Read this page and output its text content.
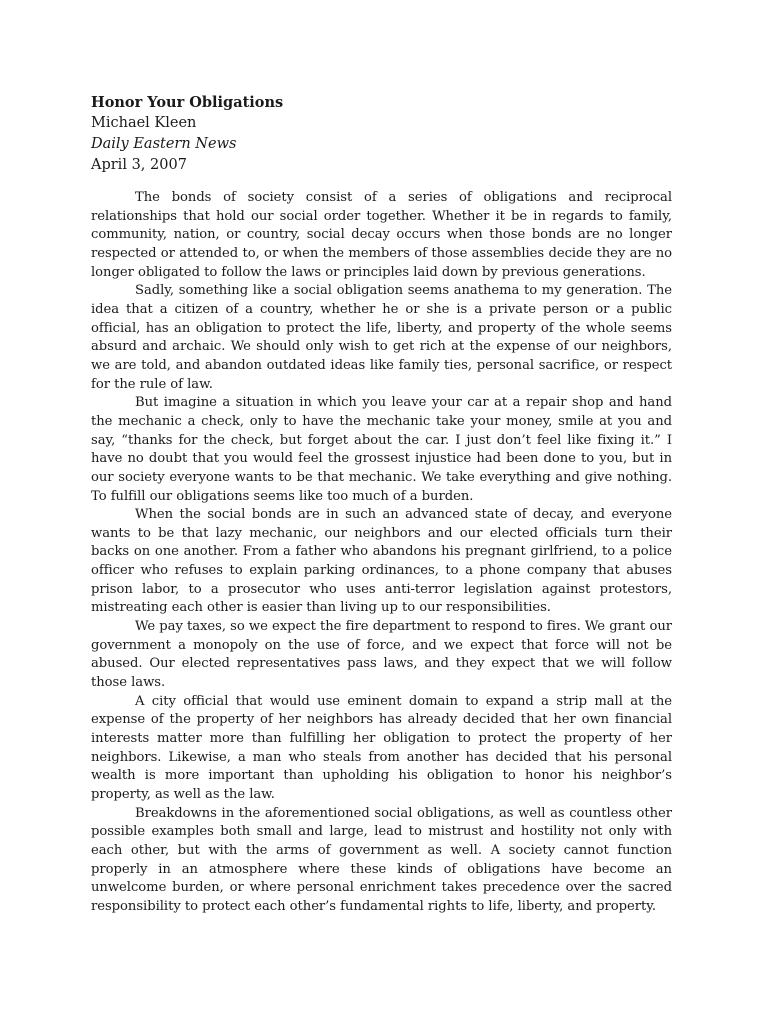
Honor Your Obligations
Michael Kleen
Daily Eastern News
April 3, 2007

The bonds of society consist of a series of obligations and reciprocal relationships that hold our social order together. Whether it be in regards to family, community, nation, or country, social decay occurs when those bonds are no longer respected or attended to, or when the members of those assemblies decide they are no longer obligated to follow the laws or principles laid down by previous generations.

Sadly, something like a social obligation seems anathema to my generation. The idea that a citizen of a country, whether he or she is a private person or a public official, has an obligation to protect the life, liberty, and property of the whole seems absurd and archaic. We should only wish to get rich at the expense of our neighbors, we are told, and abandon outdated ideas like family ties, personal sacrifice, or respect for the rule of law.

But imagine a situation in which you leave your car at a repair shop and hand the mechanic a check, only to have the mechanic take your money, smile at you and say, “thanks for the check, but forget about the car. I just don’t feel like fixing it.” I have no doubt that you would feel the grossest injustice had been done to you, but in our society everyone wants to be that mechanic. We take everything and give nothing. To fulfill our obligations seems like too much of a burden.

When the social bonds are in such an advanced state of decay, and everyone wants to be that lazy mechanic, our neighbors and our elected officials turn their backs on one another. From a father who abandons his pregnant girlfriend, to a police officer who refuses to explain parking ordinances, to a phone company that abuses prison labor, to a prosecutor who uses anti-terror legislation against protestors, mistreating each other is easier than living up to our responsibilities.

We pay taxes, so we expect the fire department to respond to fires. We grant our government a monopoly on the use of force, and we expect that force will not be abused. Our elected representatives pass laws, and they expect that we will follow those laws.

A city official that would use eminent domain to expand a strip mall at the expense of the property of her neighbors has already decided that her own financial interests matter more than fulfilling her obligation to protect the property of her neighbors. Likewise, a man who steals from another has decided that his personal wealth is more important than upholding his obligation to honor his neighbor’s property, as well as the law.

Breakdowns in the aforementioned social obligations, as well as countless other possible examples both small and large, lead to mistrust and hostility not only with each other, but with the arms of government as well. A society cannot function properly in an atmosphere where these kinds of obligations have become an unwelcome burden, or where personal enrichment takes precedence over the sacred responsibility to protect each other’s fundamental rights to life, liberty, and property.
